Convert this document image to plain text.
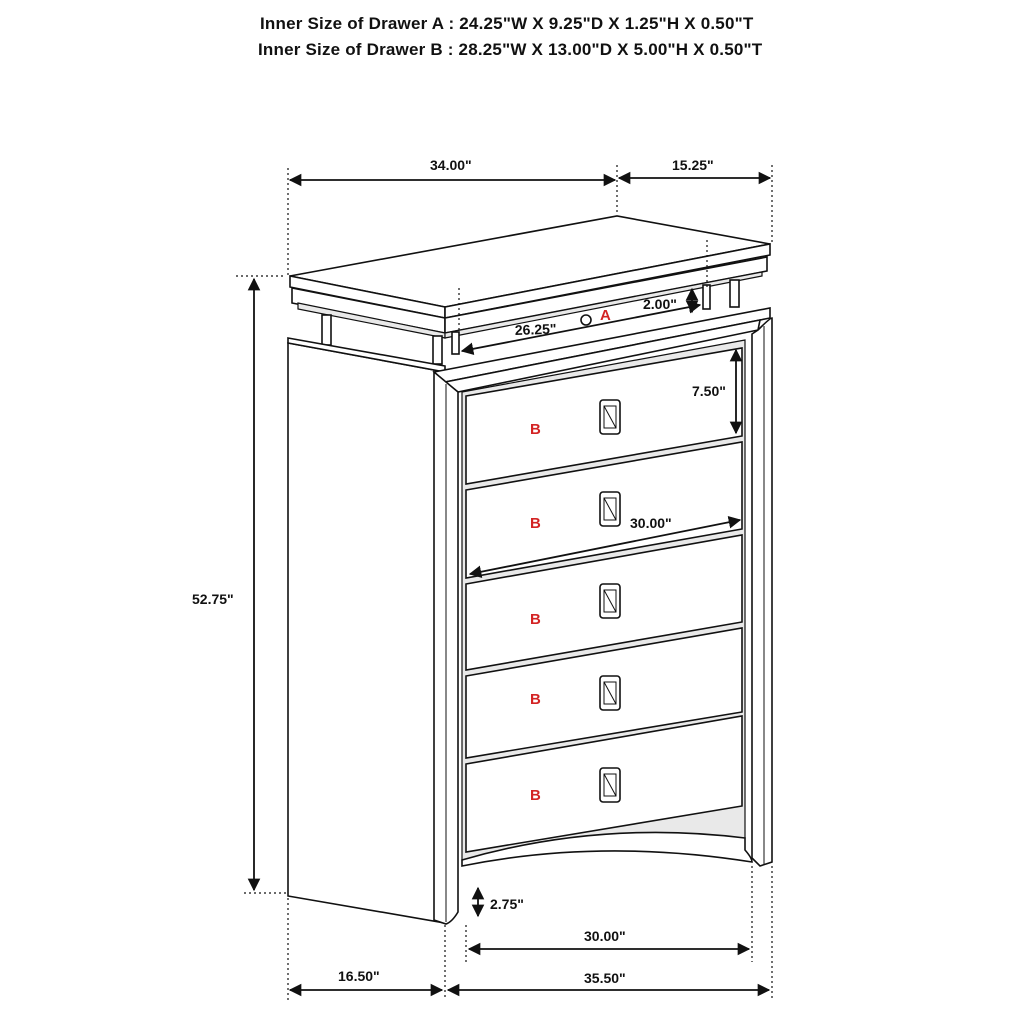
Inner Size of Drawer A : 24.25"W X 9.25"D X 1.25"H X 0.50"T
Inner Size of Drawer B : 28.25"W X 13.00"D X 5.00"H X 0.50"T
34.00"	15.25"
26.25"
2.00"
A
B
B
B
B
B
7.50"
30.00"
52.75"
2.75"
30.00"
16.50"	35.50"
